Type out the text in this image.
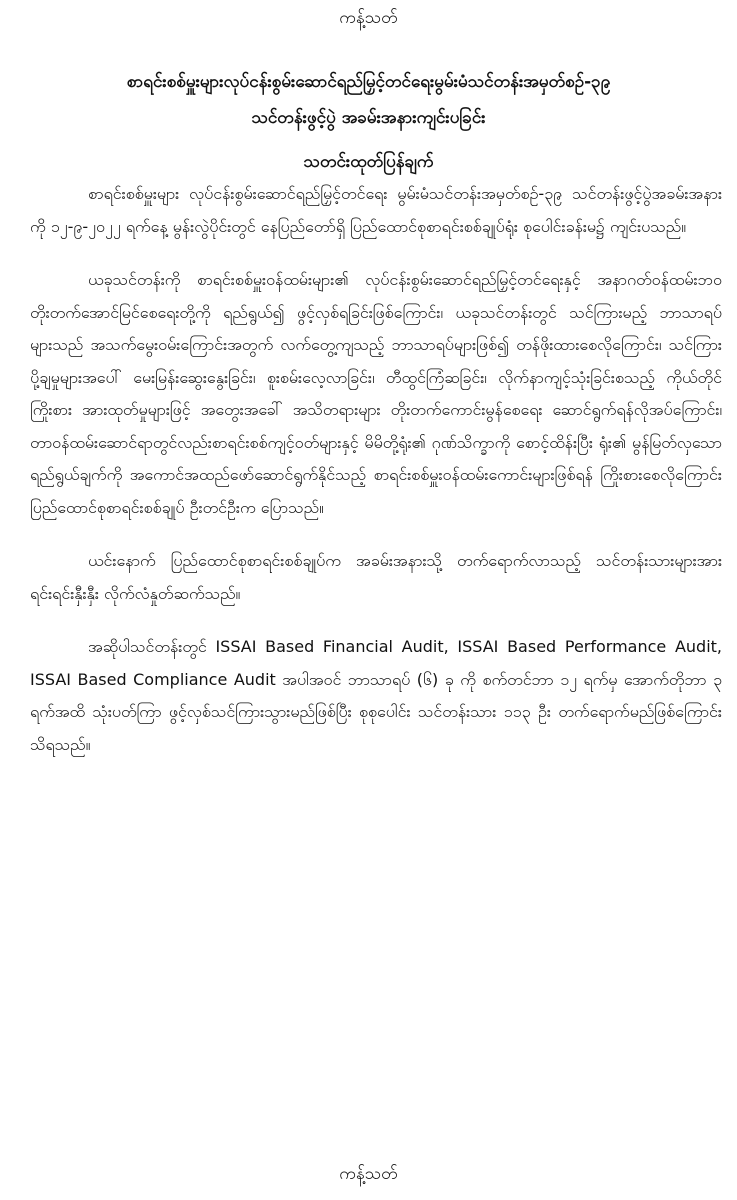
ကန့်သတ်
စာရင်းစစ်မှူးများလုပ်ငန်းစွမ်းဆောင်ရည်မြှင့်တင်ရေးမွမ်းမံသင်တန်းအမှတ်စဉ်-၃၉
သင်တန်းဖွင့်ပွဲ အခမ်းအနားကျင်းပခြင်း
သတင်းထုတ်ပြန်ချက်

စာရင်းစစ်မှူးများ လုပ်ငန်းစွမ်းဆောင်ရည်မြှင့်တင်ရေး မွမ်းမံသင်တန်းအမှတ်စဉ်-၃၉ သင်တန်းဖွင့်ပွဲအခမ်းအနားကို ၁၂-၉-၂၀၂၂ ရက်နေ့ မွန်းလွဲပိုင်းတွင် နေပြည်တော်ရှိ ပြည်ထောင်စုစာရင်းစစ်ချုပ်ရုံး စုပေါင်းခန်းမ၌ ကျင်းပသည်။

ယခုသင်တန်းကို စာရင်းစစ်မှူးဝန်ထမ်းများ၏ လုပ်ငန်းစွမ်းဆောင်ရည်မြှင့်တင်ရေးနှင့် အနာဂတ်ဝန်ထမ်းဘဝ တိုးတက်အောင်မြင်စေရေးတို့ကို ရည်ရွယ်၍ ဖွင့်လှစ်ရခြင်းဖြစ်ကြောင်း၊ ယခုသင်တန်းတွင် သင်ကြားမည့် ဘာသာရပ်များသည် အသက်မွေးဝမ်းကြောင်းအတွက် လက်တွေ့ကျသည့် ဘာသာရပ်များဖြစ်၍ တန်ဖိုးထားစေလိုကြောင်း၊ သင်ကြားပို့ချမှုများအပေါ် မေးမြန်းဆွေးနွေးခြင်း၊ စူးစမ်းလေ့လာခြင်း၊ တီထွင်ကြံဆခြင်း၊ လိုက်နာကျင့်သုံးခြင်းစသည့် ကိုယ်တိုင်ကြိုးစား အားထုတ်မှုများဖြင့် အတွေးအခေါ် အသိတရားများ တိုးတက်ကောင်းမွန်စေရေး ဆောင်ရွက်ရန်လိုအပ်ကြောင်း၊ တာဝန်ထမ်းဆောင်ရာတွင်လည်းစာရင်းစစ်ကျင့်ဝတ်များနှင့် မိမိတို့ရုံး၏ ဂုဏ်သိက္ခာကို စောင့်ထိန်းပြီး ရုံး၏ မွန်မြတ်လှသောရည်ရွယ်ချက်ကို အကောင်အထည်ဖော်ဆောင်ရွက်နိုင်သည့် စာရင်းစစ်မှူးဝန်ထမ်းကောင်းများဖြစ်ရန် ကြိုးစားစေလိုကြောင်း ပြည်ထောင်စုစာရင်းစစ်ချုပ် ဦးတင်ဦးက ပြောသည်။

ယင်းနောက် ပြည်ထောင်စုစာရင်းစစ်ချုပ်က အခမ်းအနားသို့ တက်ရောက်လာသည့် သင်တန်းသားများအား ရင်းရင်းနှီးနှီး လိုက်လံနှုတ်ဆက်သည်။

အဆိုပါသင်တန်းတွင် ISSAI Based Financial Audit, ISSAI Based Performance Audit, ISSAI Based Compliance Audit အပါအဝင် ဘာသာရပ် (၆) ခု ကို စက်တင်ဘာ ၁၂ ရက်မှ အောက်တိုဘာ ၃ ရက်အထိ သုံးပတ်ကြာ ဖွင့်လှစ်သင်ကြားသွားမည်ဖြစ်ပြီး စုစုပေါင်း သင်တန်းသား ၁၁၃ ဦး တက်ရောက်မည်ဖြစ်ကြောင်း သိရသည်။

ကန့်သတ်
